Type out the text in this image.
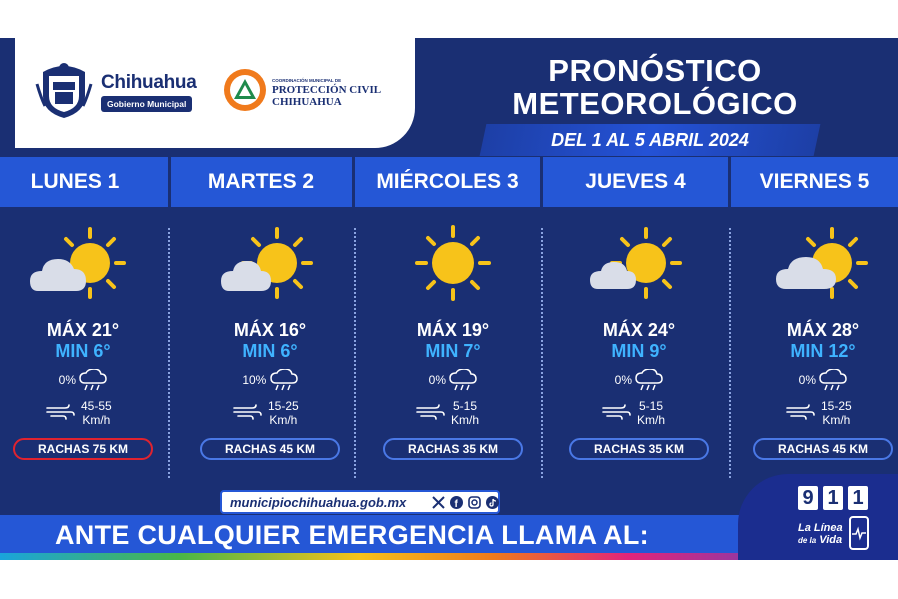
Chihuahua
Gobierno Municipal
COORDINACIÓN MUNICIPAL DE
PROTECCIÓN CIVIL
CHIHUAHUA
PRONÓSTICO
METEOROLÓGICO
DEL 1 AL 5 ABRIL 2024
LUNES 1	MARTES 2	MIÉRCOLES 3	JUEVES 4	VIERNES 5
MÁX 21°
MIN 6°
0%
45-55
Km/h
RACHAS 75 KM
MÁX 16°
MIN 6°
10%
15-25
Km/h
RACHAS 45 KM
MÁX 19°
MIN 7°
0%
5-15
Km/h
RACHAS 35 KM
MÁX 24°
MIN 9°
0%
5-15
Km/h
RACHAS 35 KM
MÁX 28°
MIN 12°
0%
15-25
Km/h
RACHAS 45 KM
municipiochihuahua.gob.mx	f
ANTE CUALQUIER EMERGENCIA LLAMA AL:
9 1 1
La Línea
de la Vida
